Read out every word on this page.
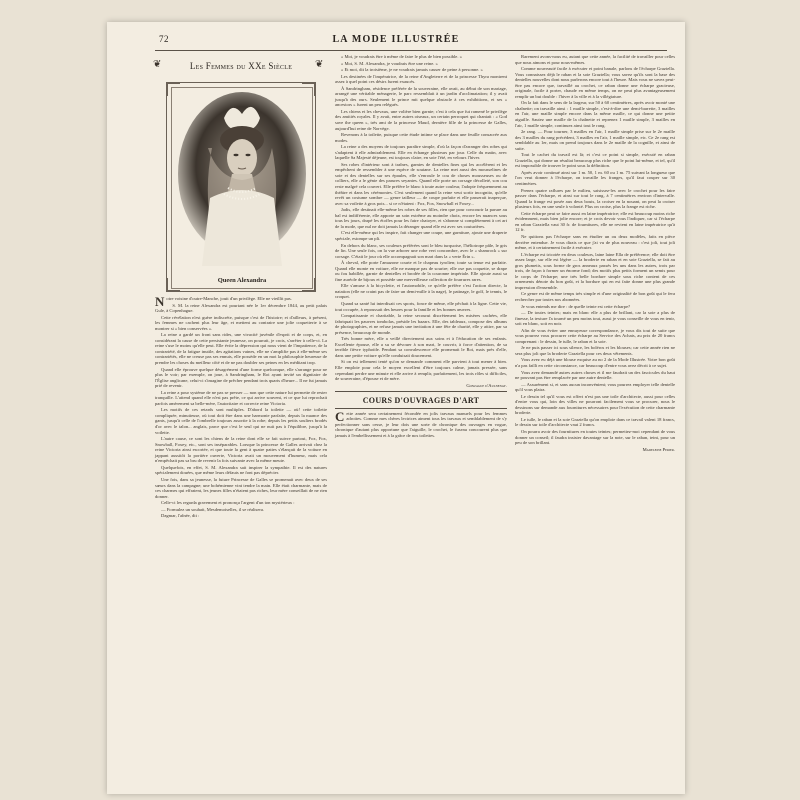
72	LA MODE ILLUSTRÉE
❦	Les Femmes du XXe Siècle	❦
Queen Alexandra

Notre voisine d'outre-Manche, jouit d'un privilège. Elle ne vieillit pas.

S. M. la reine Alexandra est pourtant née le 1er décembre 1844, au petit palais Gule, à Copenhague.

Cette révélation n'est guère indiscrète, puisque c'est de l'histoire; et d'ailleurs, à présent, les femmes ne cachent plus leur âge, et mettent au contraire une jolie coquetterie à se montrer si « bien conservées ».

La reine a gardé un front sans rides, une vivacité juvénile d'esprit et de corps, et, en considérant la cause de cette persistante jeunesse, on pourrait, je crois, s'arrêter à celle-ci. La reine s'use le moins qu'elle peut. Elle évite la dépression qui nous vient de l'impatience, de la contrariété, de la fatigue inutile, des agitations vaines, elle ne s'amplifie pas à elle-même ses contrariétés, elle ne creuse pas ses ennuis, elle possède en un mot la philosophie heureuse de prendre les choses du meilleur côté et de ne pas doubler ses peines en les méditant trop.

Quand elle éprouve quelque désagrément d'une forme quelconque, elle s'arrange pour ne plus le voir; par exemple, on joue, à Sandringham, le Roi ayant invité un dignitaire de l'Église anglicane, celui-ci s'imagine de prêcher pendant trois quarts d'heure... Il ne fut jamais prié de revenir.

La reine a pour système de ne pas se presser — non que cette nature lui permette de rester tranquille. L'attend quand elle n'est pas prête, ce qui arrive souvent, et ce que lui reprochait parfois amèrement sa belle-mère, l'autoritaire et correcte reine Victoria.

Les motifs de ces retards sont multiples. D'abord la toilette — où! cette toilette compliquée, minutieuse, où tout doit être dans une harmonie parfaite, depuis la nuance des gants, jusqu'à celle de l'ombrelle toujours assortie à la robe; depuis les petits souliers brodés d'or avec le talon... anglais, parce que c'est le seul qui ne nuit pas à l'équilibre, jusqu'à la voilette.

L'autre cause, ce sont les chiens de la reine dont elle se fait suivre partout, Fox, Fox, Snowball, Foxey, etc., sont ses inséparables. Lorsque la princesse de Galles arrivait chez la reine Victoria ainsi escortée, et que toute la gent à quatre pattes s'élançait de la voiture en jappant aussitôt la portière ouverte, Victoria avait un mouvement d'humeur, mais cela n'empêchait pas sa bru de revenir la fois suivante avec la même meute.

Quelquefois, en effet, S. M. Alexandra sait inspirer la sympathie. Il est des natures spécialement douées, que même leurs défauts ne font pas déprécier.

Une fois, dans sa jeunesse, la future Princesse de Galles se promenait avec deux de ses sœurs dans la campagne; une bohémienne vint tendre la main. Elle était charmante, mais de ces charmes qui effraient, les jeunes filles n'étaient pas riches, leur mère conseillait de ne rien donner.

Celle-ci les regarda gravement et prononça l'argent d'un ton mystérieux :

— Formulez un souhait, Mesdemoiselles, il se réalisera.

Dagmar, l'aînée, dit :

« Moi, je voudrais être à même de faire le plus de bien possible. »

« Moi, S. M. Alexandra, je voudrais être une reine. »

« Et moi, dit la troisième, je ne voudrais jamais causer de peine à personne. »

Les destinées de l'impératrice, de la reine d'Angleterre et de la princesse Thyra montrent assez à quel point ces désirs furent exaucés.

À Sandringham, résidence préférée de la souveraine, elle avait, au début de son mariage, arrangé une véritable ménagerie, le parc ressemblait à un jardin d'acclimatation; il y avait jusqu'à des ours. Seulement le prince mit quelque obstacle à ces exhibitions, et ses « ancestors » furent un peu relégués.

Les chiens et les chevaux, une volière bien garnie; c'est à cela que fut ramené le privilège des amitiés royales. Il y avait, entre autres oiseaux, un certain perroquet qui chantait : « God save the queen », très ami de la princesse Maud, dernière fille de la princesse de Galles, aujourd'hui reine de Norvège.

Revenons à la toilette, puisque cette étude intime se place dans une feuille consacrée aux modes.

La reine a des moyens de toujours paraître simple, d'où la façon d'arranger des robes qui s'adaptent à elle admirablement. Elle en échange plusieurs par jour. Celle du matin, avec laquelle Sa Majesté déjeune, est toujours claire, en soie l'été, en velours l'hiver.

Ses robes d'intérieur sont à traînes, garnies de dentelles fines qui les accélèrent et les empêchent de ressembler à une espèce de soutane. La reine met aussi des mousselines de soie et des dentelles sur ses épaules, elle s'enroule le cou de choses mousseuses ou de colliers, elle a le génie des parures seyantes. Quand elle porte un corsage décolleté, son cou reste malgré cela couvert. Elle préfère le blanc à toute autre couleur, l'adopte fréquemment au théâtre et dans les cérémonies. C'est seulement quand la reine veut sortir incognito, qu'elle revêt un costume sombre — genre tailleur — de coupe parfaite et elle passerait inaperçue, avec sa voilette à gros pois... si ce n'étaient : Fox, Fox, Snowball et Foxey...

Jadis, elle destinait elle-même les robes de ses filles, rien que pour concourir la parure au bal est indifférente, elle apporte un soin extrême au moindre choix, encore les nuances sous tous les jours, drapé les étoffes pour les faire chatoyer, et s'abonne si complètement à cet art de la mode, que nul ne doit jamais la déranger quand elle est avec ses couturières.

C'est elle-même qui les inspire, fait changer une coupe, une garniture, ajoute une draperie spéciale, estompe un pli.

En dehors du blanc, ses couleurs préférées sont le bleu turquoise, l'héliotrope pâle, le gris de lin. Une seule fois, on la vue arborer une robe vert concombre, avec le « shamrock » sur corsage. C'était le jour où elle accompagnait son mari dans la « verte Érin ».

À cheval, elle porte l'amazone courte et le chapeau tyrolien; toute sa tenue est parfaite. Quand elle monte en voiture, elle ne manque pas de sourire; elle ose pas coquette, se drape ou fou habillée, garnie de dentelles et brodée de la couronne impériale. Elle ajoute aussi sa fine auréole de bijoux et possède une merveilleuse collection de fourrures rares.

Elle s'amuse à la bicyclette, et l'automobile, ce qu'elle préfère c'est l'action directe, la natation (elle ne craint pas de faire un demi-mille à la nage), le patinage, le golf, le tennis, le croquet.

Quand sa santé lui interdisait ces sports, fonce de même, elle pêchait à la ligne. Cette vie, tout occupée, à repoussait des heures pour la famille et les bonnes œuvres.

Compatissante et charitable, la reine secourut discrètement les misères cachées, elle fabriquait les pauvres tombolas, préside les bazars. Elle, des tableaux, compose des albums de photographies, et ne refuse jamais une invitation à une fête de charité, elle y attire, par sa présence, beaucoup de monde.

Très bonne mère, elle a veillé directement aux soins et à l'éducation de ses enfants. Excellente épouse, elle a su se dévouer à son mari, le couvrir, à force d'attention, de sa terrible fièvre typhoïde. Pendant sa convalescence elle promenait le Roi, mais près d'elle, dans une petite voiture qu'elle conduisait doucement.

Si on est tellement tenté qu'on se demande comment elle parvient à tout mener à bien. Elle emploie pour cela le moyen excellent d'être toujours calme, jamais pressée, sans cependant perdre une minute et elle arrive à remplir, parfaitement, les trois rôles si difficiles, de souveraine, d'épouse et de mère.

Gonzague d'Aulnenay.
COURS D'OUVRAGES D'ART

Cette année sera certainement fécondée en jolis travaux manuels pour les femmes adroites. Comme mes chères lectrices aiment tous les travaux et semblablement de s'y perfectionner sans cesse, je leur dois une sorte de chronique des ouvrages en vogue, chronique d'autant plus opportune que l'aiguille, le crochet, le fuseau concourent plus que jamais à l'embellissement et à la grâce de nos toilettes.

Rarement avons-nous eu, autant que cette année, la facilité de travailler pour celles que nous aimons et pour nous-mêmes.

Comme nouveauté facile à exécuter et point banale, parlons de l'écharpe Graziella. Vous connaissez déjà le raban et la soie Graziella; vous savez qu'ils sont la base des dentelles nouvelles dont nous parlerons encore tout à l'heure. Mais vous ne savez peut-être pas encore que, travaillé au crochet, ce raban donne une écharpe gracieuse, originale, facile à porter, chaude en même temps, on ne peut plus avantageusement remplir un but double : l'hiver à la ville et à la villégiature.

On la fait dans le sens de la largeur, sur 50 à 60 centimètres, après avoir monté une chaînette; on travaille ainsi : 1 maille simple, c'est-à-dire une demi-barrette, 3 mailles en l'air, une maille simple encore dans la même maille, ce qui donne une petite aiguille. Sautez une maille de la chaînette et reprenez 1 maille simple, 3 mailles en l'air, 1 maille simple, continuez ainsi tout le rang.

2e rang. — Pour tourner, 3 mailles en l'air, 1 maille simple prise sur le 2e maille des 3 mailles du rang précédent, 3 mailles en l'air, 1 maille simple, etc. Ce 2e rang est semblable au 1er, mais on prend toujours dans le 2e maille de la cognille, et ainsi de suite.

Tout le cachet du travail est là; et c'est ce point si simple, exécuté en raban Graziella, qui donne un résultat beaucoup plus riche que le point lui-même, et tel, qu'il est impossible de trouver le point sous la définition.

Après avoir continué ainsi sur 1 m. 50, 1 m. 60 ou 1 m. 75 suivant la longueur que l'on veut donner à l'écharpe, on travaille les franges, qu'il faut couper sur 30 centimètres.

Prenez quatre raflures par le milieu, saisissez-les avec le crochet pour les faire passer dans l'écharpe, et ainsi sur tout le rang, à 7 centimètres environ d'intervalle. Quand la frange est posée aux deux bouts, la croiser en la nouant, on peut la croiser plusieurs fois, en une seule à volonté. Plus on croise, plus la frange est riche.

Cette écharpe peut se faire aussi en laine impératrice; elle est beaucoup moins riche évidemment, mais bien jolie encore; et je crois devoir vous l'indiquer, car si l'écharpe en raban Graziella vaut 30 fr. de fournitures, elle ne revient en laine impératrice qu'à 12 fr.

Ne quittons pas l'écharpe sans en étudier un ou deux modèles, faits en pièce derrière entendue. Je vous dirais ce que j'ai vu de plus nouveau : c'est joli, tout joli même, et à certainement facile à exécuter.

L'écharpe est tricotée en deux couleurs, laine laine Ella de préférence; elle doit être assez large, sur elle est légère — la broderie en raban et en soie Graziella, se fait au gros plumetis, sous forme de gros anneaux passés les uns dans les autres, trois par trois, de façon à former un énorme fond; des motifs plus petits forment un semis pour le corps de l'écharpe; une très belle bordure simple sous riche content de ces ornements dénote du bon goût, et la bordure qui en est faite donne une plus grande impression d'ensemble.

Ce genre est de même temps très simple et d'une originalité de bon goût qui le fera rechercher par toutes nos abonnées.

Je vous entends me dire : de quelle teinte est cette écharpe?

— De toutes teintes; mais en blanc elle a plus de brillant, car la soie a plus de finesse, la texture l'a tourné un peu moins tout, aussi je vous conseille de vous en tenir, soit en blanc, soit en noir.

Afin de vous éviter une ennuyeuse correspondance, je vous dis tout de suite que vous pourrez vous procurer cette écharpe au Service des Achats, au prix de 20 francs comprenant : le dessin, le tulle, le raban et la soie.

Je ne puis passer ici sous silence, les boléros et les blouses; car cette année rien ne sera plus joli que la broderie Graziella pour ces deux vêtements.

Vous avez eu déjà une blouse exquise au no 2 de la Mode Illustrée. Votre bon goût n'a pas failli en cette circonstance, car beaucoup d'entre vous avez décrit à ce sujet.

Vous avez demandé autres autres choses et il me faudrait un des fascicules du haut ne pouvant pas être remplacée par une autre dentelle.

— Assurément si, et sans aucun inconvénient; vous pourrez employer telle dentelle qu'il vous plaira.

Le dessin tel qu'il vous est offert n'est pas une toile d'architecte, aussi pour celles d'entre vous qui, loin des villes ne pourront facilement vous se procurer, nous le dessinons sur demande aux fournitures nécessaires pour l'exécution de cette charmante broderie.

Le tulle, le raban et la soie Graziella qu'on emploie dans ce travail valent 18 francs, le dessin sur toile d'architecte vaut 2 francs.

On pourra avoir des fournitures en toutes teintes; permettez-moi cependant de vous donner un conseil; il faudra insister davantage sur la note, sur le raban, teint, pour un peu de son brillant.

Madeleine Perier.
